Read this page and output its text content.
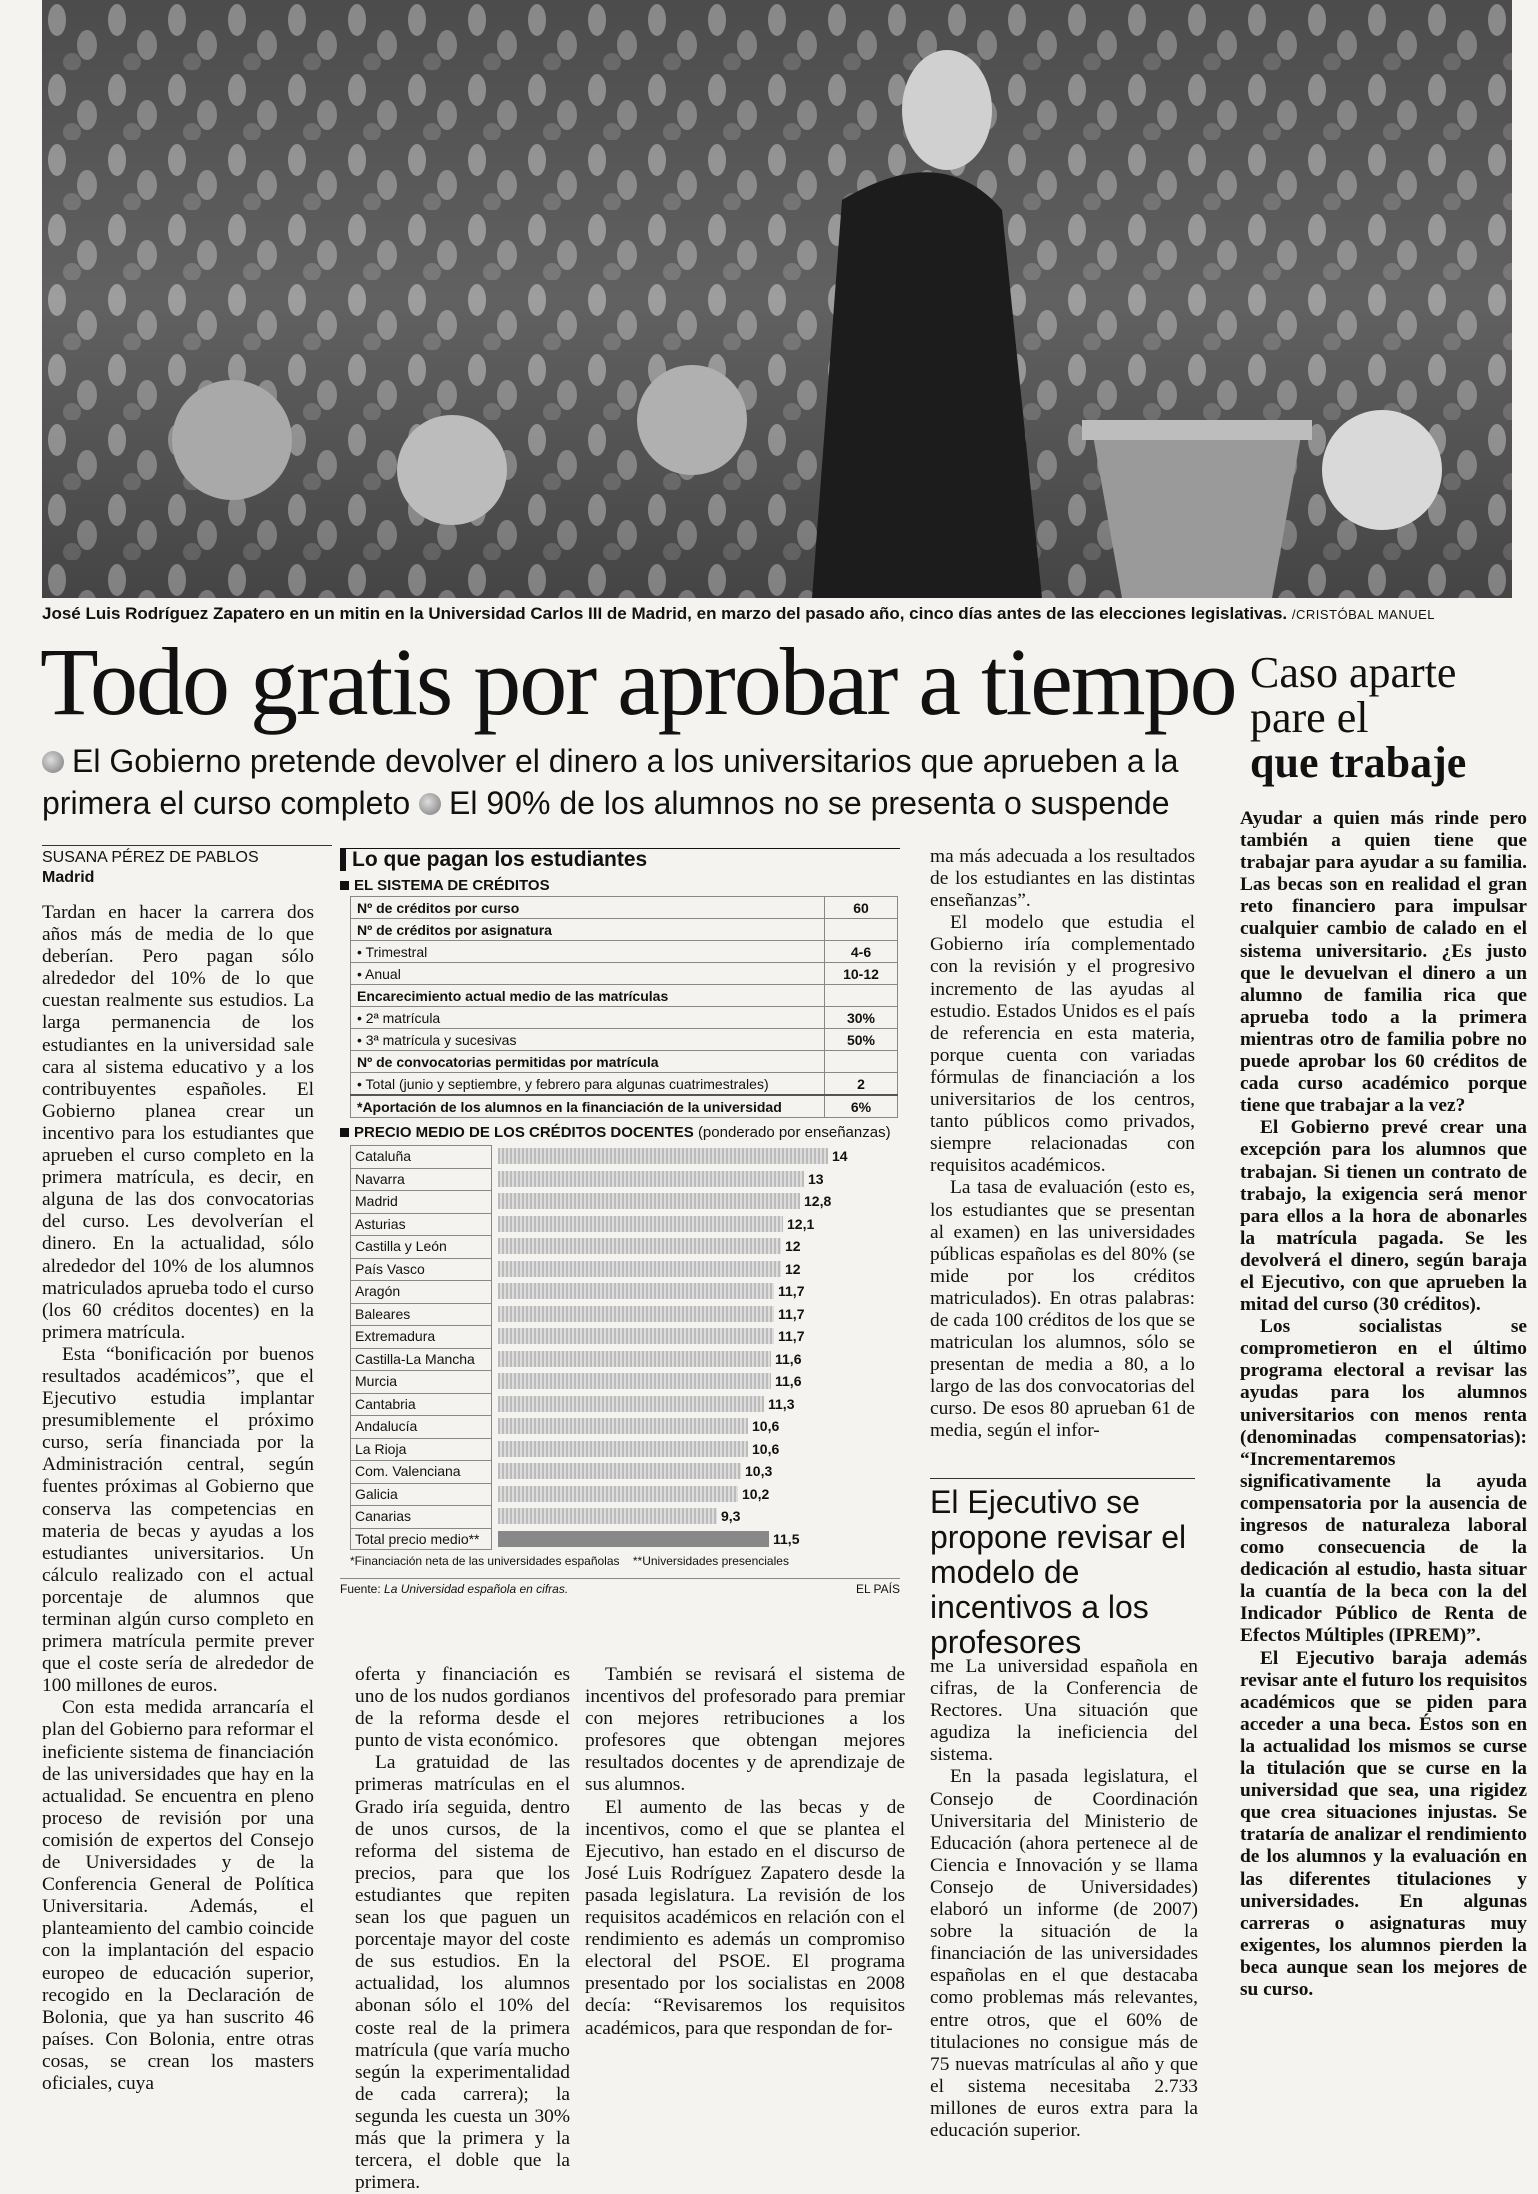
José Luis Rodríguez Zapatero en un mitin en la Universidad Carlos III de Madrid, en marzo del pasado año, cinco días antes de las elecciones legislativas. /CRISTÓBAL MANUEL
Todo gratis por aprobar a tiempo
El Gobierno pretende devolver el dinero a los universitarios que aprueben a la primera el curso completo El 90% de los alumnos no se presenta o suspende
SUSANA PÉREZ DE PABLOS
Madrid

Tardan en hacer la carrera dos años más de media de lo que deberían. Pero pagan sólo alrededor del 10% de lo que cuestan realmente sus estudios. La larga permanencia de los estudiantes en la universidad sale cara al sistema educativo y a los contribuyentes españoles. El Gobierno planea crear un incentivo para los estudiantes que aprueben el curso completo en la primera matrícula, es decir, en alguna de las dos convocatorias del curso. Les devolverían el dinero. En la actualidad, sólo alrededor del 10% de los alumnos matriculados aprueba todo el curso (los 60 créditos docentes) en la primera matrícula.

Esta “bonificación por buenos resultados académicos”, que el Ejecutivo estudia implantar presumiblemente el próximo curso, sería financiada por la Administración central, según fuentes próximas al Gobierno que conserva las competencias en materia de becas y ayudas a los estudiantes universitarios. Un cálculo realizado con el actual porcentaje de alumnos que terminan algún curso completo en primera matrícula permite prever que el coste sería de alrededor de 100 millones de euros.

Con esta medida arrancaría el plan del Gobierno para reformar el ineficiente sistema de financiación de las universidades que hay en la actualidad. Se encuentra en pleno proceso de revisión por una comisión de expertos del Consejo de Universidades y de la Conferencia General de Política Universitaria. Además, el planteamiento del cambio coincide con la implantación del espacio europeo de educación superior, recogido en la Declaración de Bolonia, que ya han suscrito 46 países. Con Bolonia, entre otras cosas, se crean los masters oficiales, cuya

Lo que pagan los estudiantes
EL SISTEMA DE CRÉDITOS
Nº de créditos por curso	60
Nº de créditos por asignatura	
• Trimestral	4-6
• Anual	10-12
Encarecimiento actual medio de las matrículas	
• 2ª matrícula	30%
• 3ª matrícula y sucesivas	50%
Nº de convocatorias permitidas por matrícula	
• Total (junio y septiembre, y febrero para algunas cuatrimestrales)	2
*Aportación de los alumnos en la financiación de la universidad	6%
PRECIO MEDIO DE LOS CRÉDITOS DOCENTES (ponderado por enseñanzas)
Cataluña	14
Navarra	13
Madrid	12,8
Asturias	12,1
Castilla y León	12
País Vasco	12
Aragón	11,7
Baleares	11,7
Extremadura	11,7
Castilla-La Mancha	11,6
Murcia	11,6
Cantabria	11,3
Andalucía	10,6
La Rioja	10,6
Com. Valenciana	10,3
Galicia	10,2
Canarias	9,3
Total precio medio**	11,5
*Financiación neta de las universidades españolas **Universidades presenciales
Fuente: La Universidad española en cifras.	EL PAÍS

oferta y financiación es uno de los nudos gordianos de la reforma desde el punto de vista económico.

La gratuidad de las primeras matrículas en el Grado iría seguida, dentro de unos cursos, de la reforma del sistema de precios, para que los estudiantes que repiten sean los que paguen un porcentaje mayor del coste de sus estudios. En la actualidad, los alumnos abonan sólo el 10% del coste real de la primera matrícula (que varía mucho según la experimentalidad de cada carrera); la segunda les cuesta un 30% más que la primera y la tercera, el doble que la primera.

También se revisará el sistema de incentivos del profesorado para premiar con mejores retribuciones a los profesores que obtengan mejores resultados docentes y de aprendizaje de sus alumnos.

El aumento de las becas y de incentivos, como el que se plantea el Ejecutivo, han estado en el discurso de José Luis Rodríguez Zapatero desde la pasada legislatura. La revisión de los requisitos académicos en relación con el rendimiento es además un compromiso electoral del PSOE. El programa presentado por los socialistas en 2008 decía: “Revisaremos los requisitos académicos, para que respondan de for-

ma más adecuada a los resultados de los estudiantes en las distintas enseñanzas”.

El modelo que estudia el Gobierno iría complementado con la revisión y el progresivo incremento de las ayudas al estudio. Estados Unidos es el país de referencia en esta materia, porque cuenta con variadas fórmulas de financiación a los universitarios de los centros, tanto públicos como privados, siempre relacionadas con requisitos académicos.

La tasa de evaluación (esto es, los estudiantes que se presentan al examen) en las universidades públicas españolas es del 80% (se mide por los créditos matriculados). En otras palabras: de cada 100 créditos de los que se matriculan los alumnos, sólo se presentan de media a 80, a lo largo de las dos convocatorias del curso. De esos 80 aprueban 61 de media, según el infor-

El Ejecutivo se propone revisar el modelo de incentivos a los profesores

me La universidad española en cifras, de la Conferencia de Rectores. Una situación que agudiza la ineficiencia del sistema.

En la pasada legislatura, el Consejo de Coordinación Universitaria del Ministerio de Educación (ahora pertenece al de Ciencia e Innovación y se llama Consejo de Universidades) elaboró un informe (de 2007) sobre la situación de la financiación de las universidades españolas en el que destacaba como problemas más relevantes, entre otros, que el 60% de titulaciones no consigue más de 75 nuevas matrículas al año y que el sistema necesitaba 2.733 millones de euros extra para la educación superior.

Caso aparte
pare el
que trabaje

Ayudar a quien más rinde pero también a quien tiene que trabajar para ayudar a su familia. Las becas son en realidad el gran reto financiero para impulsar cualquier cambio de calado en el sistema universitario. ¿Es justo que le devuelvan el dinero a un alumno de familia rica que aprueba todo a la primera mientras otro de familia pobre no puede aprobar los 60 créditos de cada curso académico porque tiene que trabajar a la vez?

El Gobierno prevé crear una excepción para los alumnos que trabajan. Si tienen un contrato de trabajo, la exigencia será menor para ellos a la hora de abonarles la matrícula pagada. Se les devolverá el dinero, según baraja el Ejecutivo, con que aprueben la mitad del curso (30 créditos).

Los socialistas se comprometieron en el último programa electoral a revisar las ayudas para los alumnos universitarios con menos renta (denominadas compensatorias): “Incrementaremos significativamente la ayuda compensatoria por la ausencia de ingresos de naturaleza laboral como consecuencia de la dedicación al estudio, hasta situar la cuantía de la beca con la del Indicador Público de Renta de Efectos Múltiples (IPREM)”.

El Ejecutivo baraja además revisar ante el futuro los requisitos académicos que se piden para acceder a una beca. Éstos son en la actualidad los mismos se curse la titulación que se curse en la universidad que sea, una rigidez que crea situaciones injustas. Se trataría de analizar el rendimiento de los alumnos y la evaluación en las diferentes titulaciones y universidades. En algunas carreras o asignaturas muy exigentes, los alumnos pierden la beca aunque sean los mejores de su curso.
